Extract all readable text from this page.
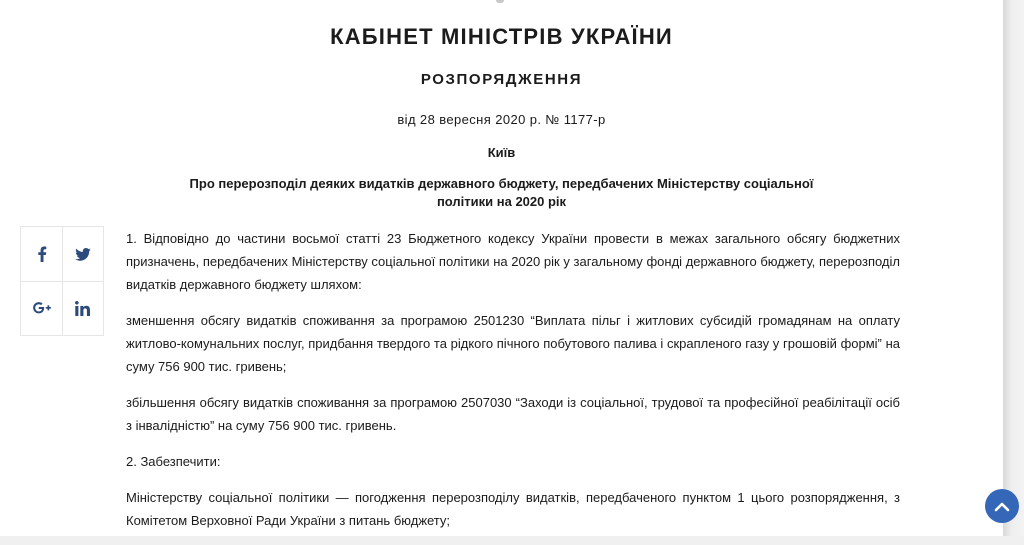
КАБІНЕТ МІНІСТРІВ УКРАЇНИ
РОЗПОРЯДЖЕННЯ
від 28 вересня 2020 р. № 1177-р
Київ
Про перерозподіл деяких видатків державного бюджету, передбачених Міністерству соціальної
політики на 2020 рік

1. Відповідно до частини восьмої статті 23 Бюджетного кодексу України провести в межах загального обсягу бюджетних призначень, передбачених Міністерству соціальної політики на 2020 рік у загальному фонді державного бюджету, перерозподіл видатків державного бюджету шляхом:

зменшення обсягу видатків споживання за програмою 2501230 “Виплата пільг і житлових субсидій громадянам на оплату житлово-комунальних послуг, придбання твердого та рідкого пічного побутового палива і скрапленого газу у грошовій формі” на суму 756 900 тис. гривень;

збільшення обсягу видатків споживання за програмою 2507030 “Заходи із соціальної, трудової та професійної реабілітації осіб з інвалідністю” на суму 756 900 тис. гривень.

2. Забезпечити:

Міністерству соціальної політики — погодження перерозподілу видатків, передбаченого пунктом 1 цього розпорядження, з Комітетом Верховної Ради України з питань бюджету;
